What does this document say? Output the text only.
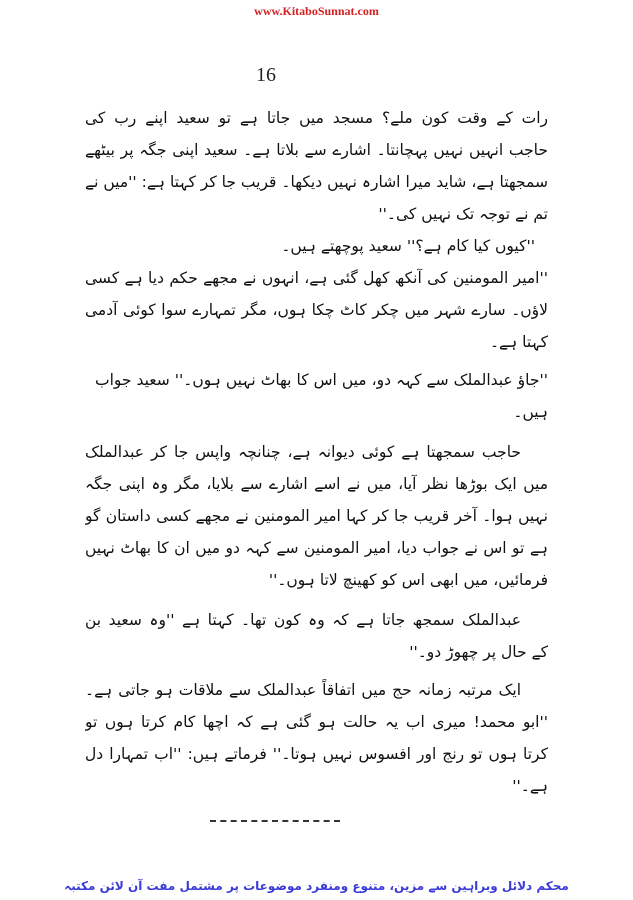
www.KitaboSunnat.com
16
رات کے وقت کون ملے؟ مسجد میں جاتا ہے تو سعید اپنے رب کی
حاجب انہیں نہیں پہچانتا۔ اشارے سے بلاتا ہے۔ سعید اپنی جگہ پر بیٹھے
سمجھتا ہے، شاید میرا اشارہ نہیں دیکھا۔ قریب جا کر کہتا ہے: ''میں نے
تم نے توجہ تک نہیں کی۔''
''کیوں کیا کام ہے؟'' سعید پوچھتے ہیں۔
''امیر المومنین کی آنکھ کھل گئی ہے، انہوں نے مجھے حکم دیا ہے کسی
لاؤں۔ سارے شہر میں چکر کاٹ چکا ہوں، مگر تمہارے سوا کوئی آدمی
کہتا ہے۔
''جاؤ عبدالملک سے کہہ دو، میں اس کا بھاٹ نہیں ہوں۔'' سعید جواب
ہیں۔
حاجب سمجھتا ہے کوئی دیوانہ ہے، چنانچہ واپس جا کر عبدالملک
میں ایک بوڑھا نظر آیا، میں نے اسے اشارے سے بلایا، مگر وہ اپنی جگہ
نہیں ہوا۔ آخر قریب جا کر کہا امیر المومنین نے مجھے کسی داستان گو
ہے تو اس نے جواب دیا، امیر المومنین سے کہہ دو میں ان کا بھاٹ نہیں
فرمائیں، میں ابھی اس کو کھینچ لاتا ہوں۔''
عبدالملک سمجھ جاتا ہے کہ وہ کون تھا۔ کہتا ہے ''وہ سعید بن
کے حال پر چھوڑ دو۔''
ایک مرتبہ زمانہ حج میں اتفاقاً عبدالملک سے ملاقات ہو جاتی ہے۔
''ابو محمد! میری اب یہ حالت ہو گئی ہے کہ اچھا کام کرتا ہوں تو
کرتا ہوں تو رنج اور افسوس نہیں ہوتا۔'' فرماتے ہیں: ''اب تمہارا دل
ہے۔''
محکم دلائل وبراہین سے مزین، متنوع ومنفرد موضوعات پر مشتمل مفت آن لائن مکتبہ
